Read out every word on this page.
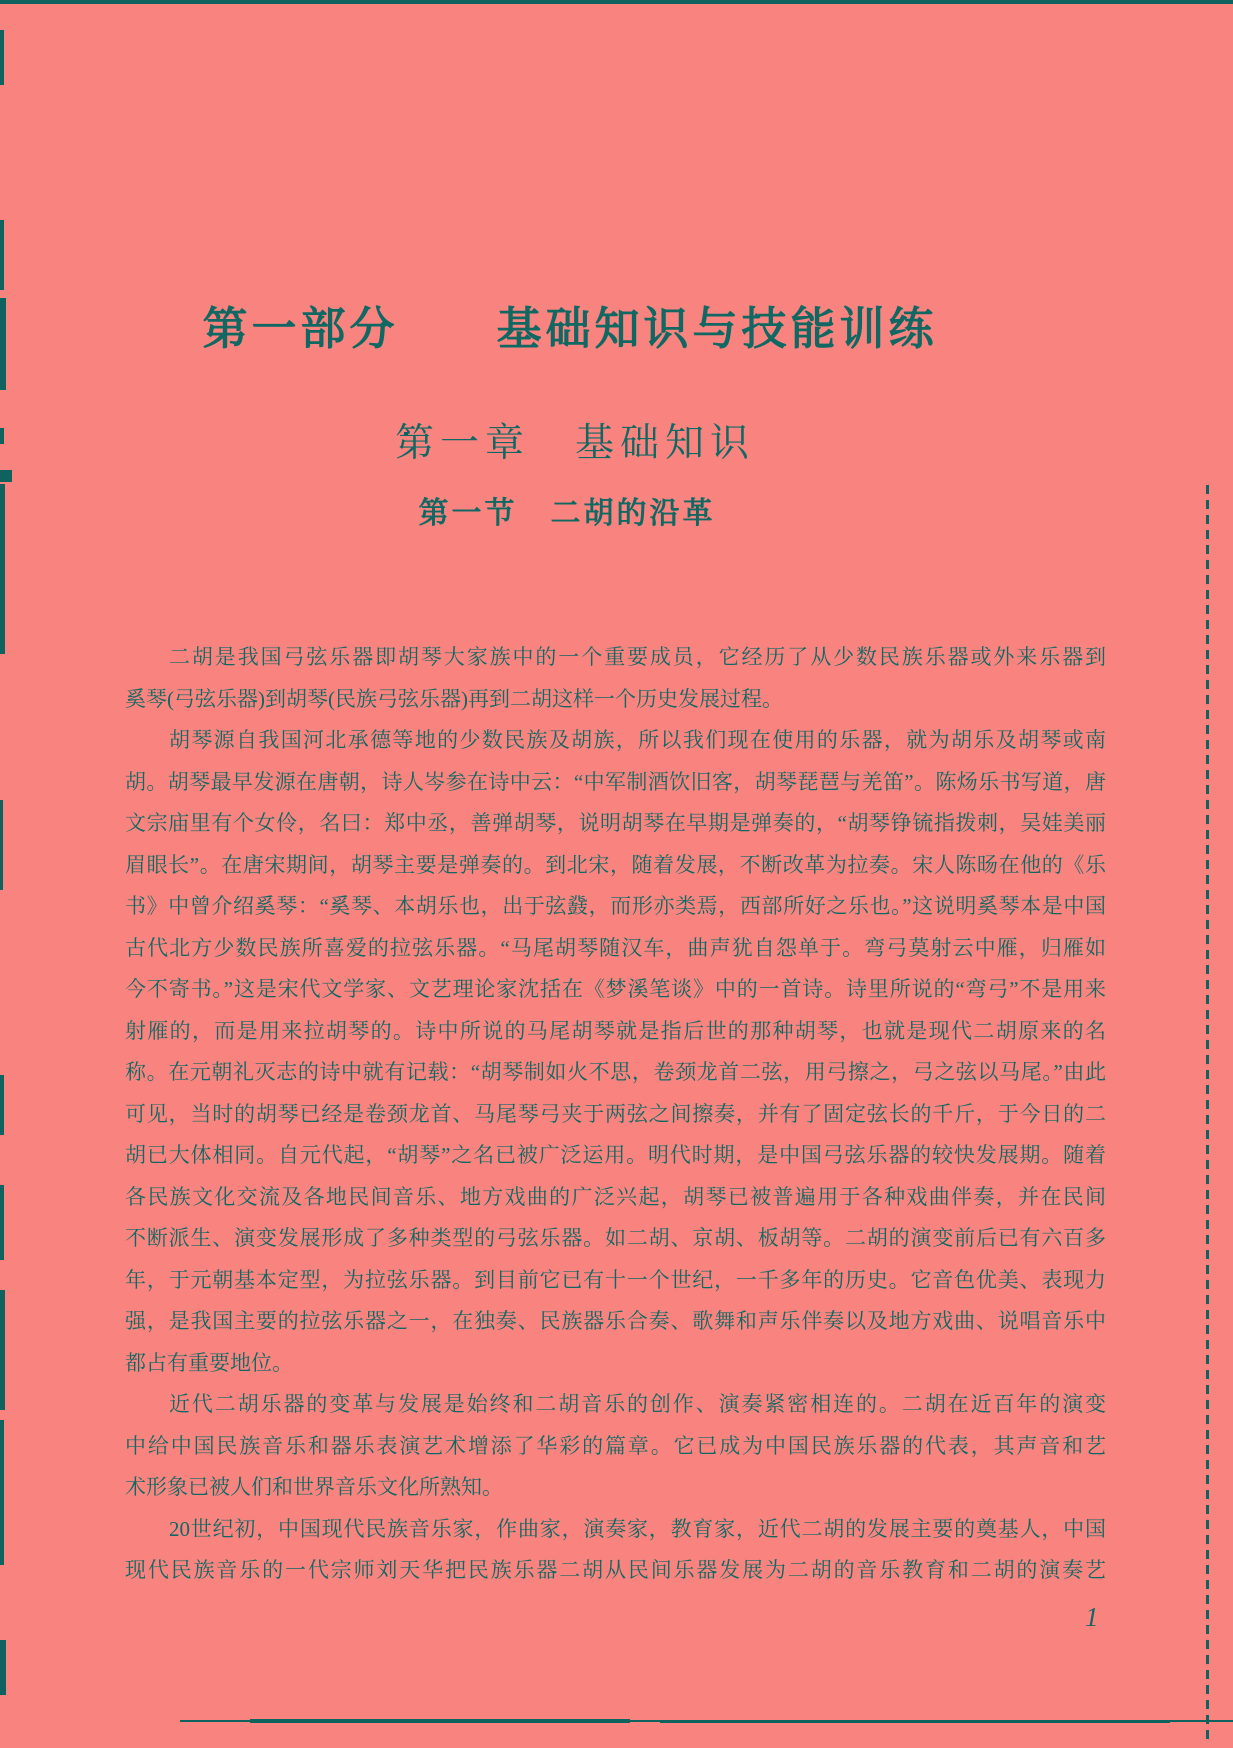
第一部分　　基础知识与技能训练
第一章　基础知识
第一节　二胡的沿革
二胡是我国弓弦乐器即胡琴大家族中的一个重要成员，它经历了从少数民族乐器或外来乐器到
奚琴(弓弦乐器)到胡琴(民族弓弦乐器)再到二胡这样一个历史发展过程。
胡琴源自我国河北承德等地的少数民族及胡族，所以我们现在使用的乐器，就为胡乐及胡琴或南
胡。胡琴最早发源在唐朝，诗人岑参在诗中云：“中军制酒饮旧客，胡琴琵琶与羌笛”。陈炀乐书写道，唐
文宗庙里有个女伶，名曰：郑中丞，善弹胡琴，说明胡琴在早期是弹奏的，“胡琴铮锍指拨刺，吴娃美丽
眉眼长”。在唐宋期间，胡琴主要是弹奏的。到北宋，随着发展，不断改革为拉奏。宋人陈旸在他的《乐
书》中曾介绍奚琴：“奚琴、本胡乐也，出于弦鼗，而形亦类焉，西部所好之乐也。”这说明奚琴本是中国
古代北方少数民族所喜爱的拉弦乐器。“马尾胡琴随汉车，曲声犹自怨单于。弯弓莫射云中雁，归雁如
今不寄书。”这是宋代文学家、文艺理论家沈括在《梦溪笔谈》中的一首诗。诗里所说的“弯弓”不是用来
射雁的，而是用来拉胡琴的。诗中所说的马尾胡琴就是指后世的那种胡琴，也就是现代二胡原来的名
称。在元朝礼灭志的诗中就有记载：“胡琴制如火不思，卷颈龙首二弦，用弓擦之，弓之弦以马尾。”由此
可见，当时的胡琴已经是卷颈龙首、马尾琴弓夹于两弦之间擦奏，并有了固定弦长的千斤，于今日的二
胡已大体相同。自元代起，“胡琴”之名已被广泛运用。明代时期，是中国弓弦乐器的较快发展期。随着
各民族文化交流及各地民间音乐、地方戏曲的广泛兴起，胡琴已被普遍用于各种戏曲伴奏，并在民间
不断派生、演变发展形成了多种类型的弓弦乐器。如二胡、京胡、板胡等。二胡的演变前后已有六百多
年，于元朝基本定型，为拉弦乐器。到目前它已有十一个世纪，一千多年的历史。它音色优美、表现力
强，是我国主要的拉弦乐器之一，在独奏、民族器乐合奏、歌舞和声乐伴奏以及地方戏曲、说唱音乐中
都占有重要地位。
近代二胡乐器的变革与发展是始终和二胡音乐的创作、演奏紧密相连的。二胡在近百年的演变
中给中国民族音乐和器乐表演艺术增添了华彩的篇章。它已成为中国民族乐器的代表，其声音和艺
术形象已被人们和世界音乐文化所熟知。
20世纪初，中国现代民族音乐家，作曲家，演奏家，教育家，近代二胡的发展主要的奠基人，中国
现代民族音乐的一代宗师刘天华把民族乐器二胡从民间乐器发展为二胡的音乐教育和二胡的演奏艺
1
